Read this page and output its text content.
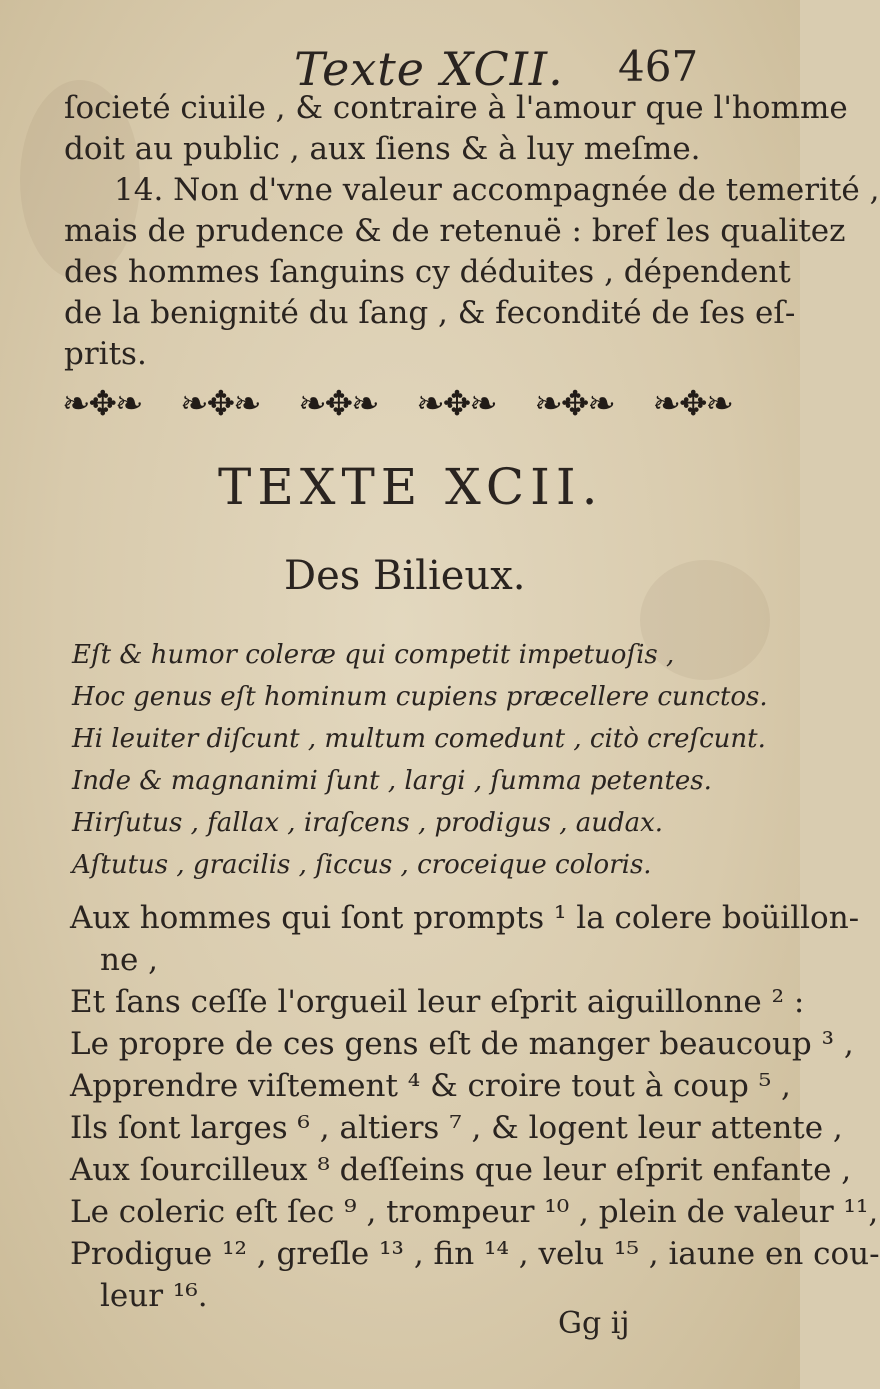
Texte XCII. 467
ſocieté ciuile , & contraire à l'amour que l'homme
doit au public , aux ſiens & à luy meſme.
14. Non d'vne valeur accompagnée de temerité ,
mais de prudence & de retenuë : bref les qualitez
des hommes ſanguins cy déduites , dépendent
de la benignité du ſang , & fecondité de ſes eſ-
prits.
❧✥❧ ❧✥❧ ❧✥❧ ❧✥❧ ❧✥❧ ❧✥❧
TEXTE XCII.
Des Bilieux.
Eſt & humor coleræ qui competit impetuoſis ,
Hoc genus eſt hominum cupiens præcellere cunctos.
Hi leuiter diſcunt , multum comedunt , citò creſcunt.
Inde & magnanimi ſunt , largi , ſumma petentes.
Hirſutus , fallax , iraſcens , prodigus , audax.
Aſtutus , gracilis , ſiccus , croceique coloris.
Aux hommes qui ſont prompts ¹ la colere boüillon-
ne ,
Et ſans ceſſe l'orgueil leur eſprit aiguillonne ² :
Le propre de ces gens eſt de manger beaucoup ³ ,
Apprendre viſtement ⁴ & croire tout à coup ⁵ ,
Ils ſont larges ⁶ , altiers ⁷ , & logent leur attente ,
Aux ſourcilleux ⁸ deſſeins que leur eſprit enfante ,
Le coleric eſt ſec ⁹ , trompeur ¹⁰ , plein de valeur ¹¹,
Prodigue ¹² , greſle ¹³ , fin ¹⁴ , velu ¹⁵ , iaune en cou-
leur ¹⁶.
Gg ij
